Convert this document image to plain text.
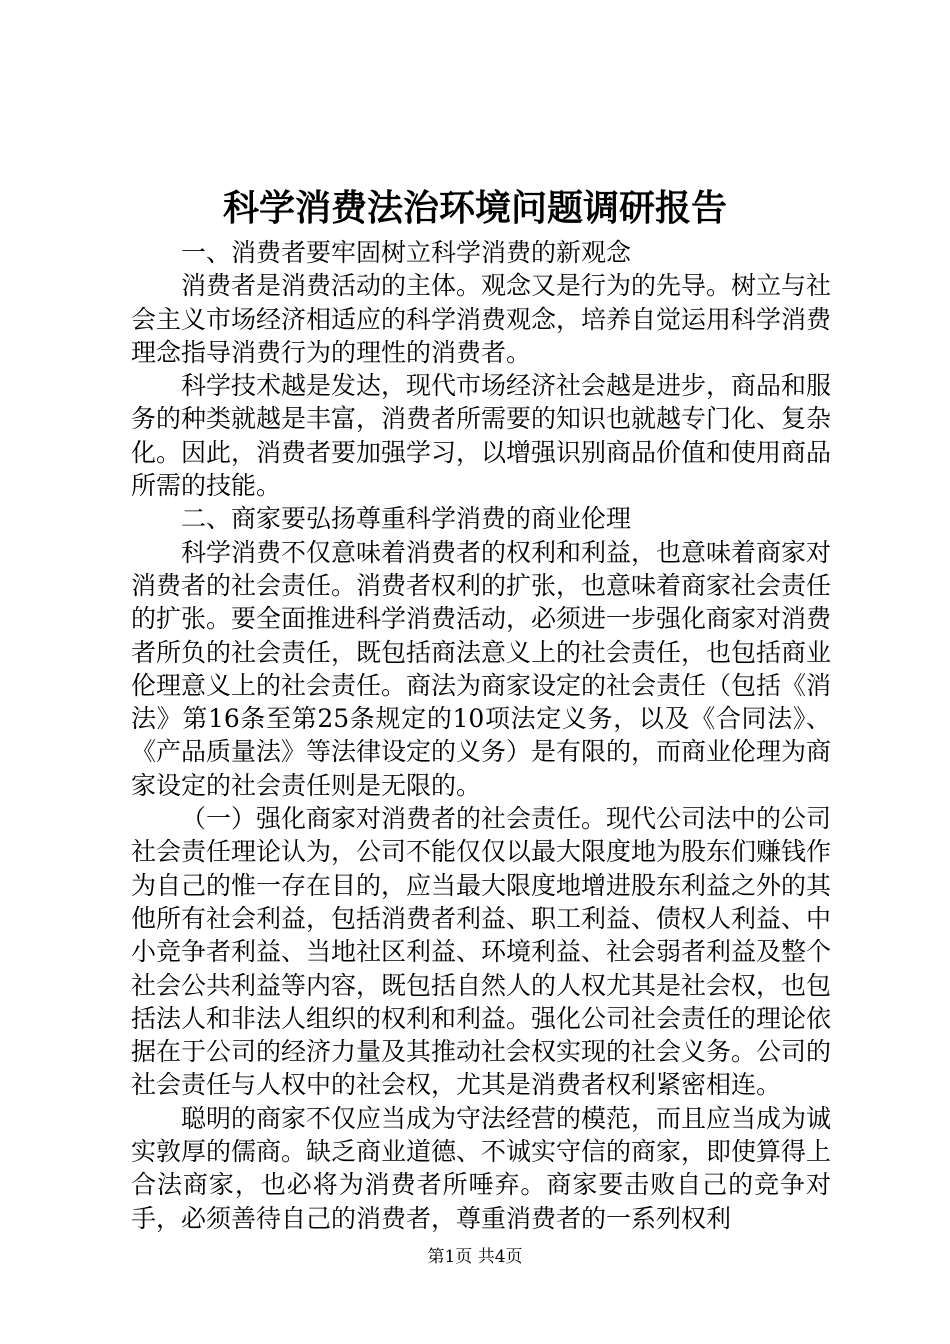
科学消费法治环境问题调研报告

一、消费者要牢固树立科学消费的新观念

消费者是消费活动的主体。观念又是行为的先导。树立与社会主义市场经济相适应的科学消费观念，培养自觉运用科学消费理念指导消费行为的理性的消费者。

科学技术越是发达，现代市场经济社会越是进步，商品和服务的种类就越是丰富，消费者所需要的知识也就越专门化、复杂化。因此，消费者要加强学习，以增强识别商品价值和使用商品所需的技能。

二、商家要弘扬尊重科学消费的商业伦理

科学消费不仅意味着消费者的权利和利益，也意味着商家对消费者的社会责任。消费者权利的扩张，也意味着商家社会责任的扩张。要全面推进科学消费活动，必须进一步强化商家对消费者所负的社会责任，既包括商法意义上的社会责任，也包括商业伦理意义上的社会责任。商法为商家设定的社会责任（包括《消法》第16条至第25条规定的10项法定义务，以及《合同法》、《产品质量法》等法律设定的义务）是有限的，而商业伦理为商家设定的社会责任则是无限的。

（一）强化商家对消费者的社会责任。现代公司法中的公司社会责任理论认为，公司不能仅仅以最大限度地为股东们赚钱作为自己的惟一存在目的，应当最大限度地增进股东利益之外的其他所有社会利益，包括消费者利益、职工利益、债权人利益、中小竞争者利益、当地社区利益、环境利益、社会弱者利益及整个社会公共利益等内容，既包括自然人的人权尤其是社会权，也包括法人和非法人组织的权利和利益。强化公司社会责任的理论依据在于公司的经济力量及其推动社会权实现的社会义务。公司的社会责任与人权中的社会权，尤其是消费者权利紧密相连。

聪明的商家不仅应当成为守法经营的模范，而且应当成为诚实敦厚的儒商。缺乏商业道德、不诚实守信的商家，即使算得上合法商家，也必将为消费者所唾弃。商家要击败自己的竞争对手，必须善待自己的消费者，尊重消费者的一系列权利

第1页 共4页
